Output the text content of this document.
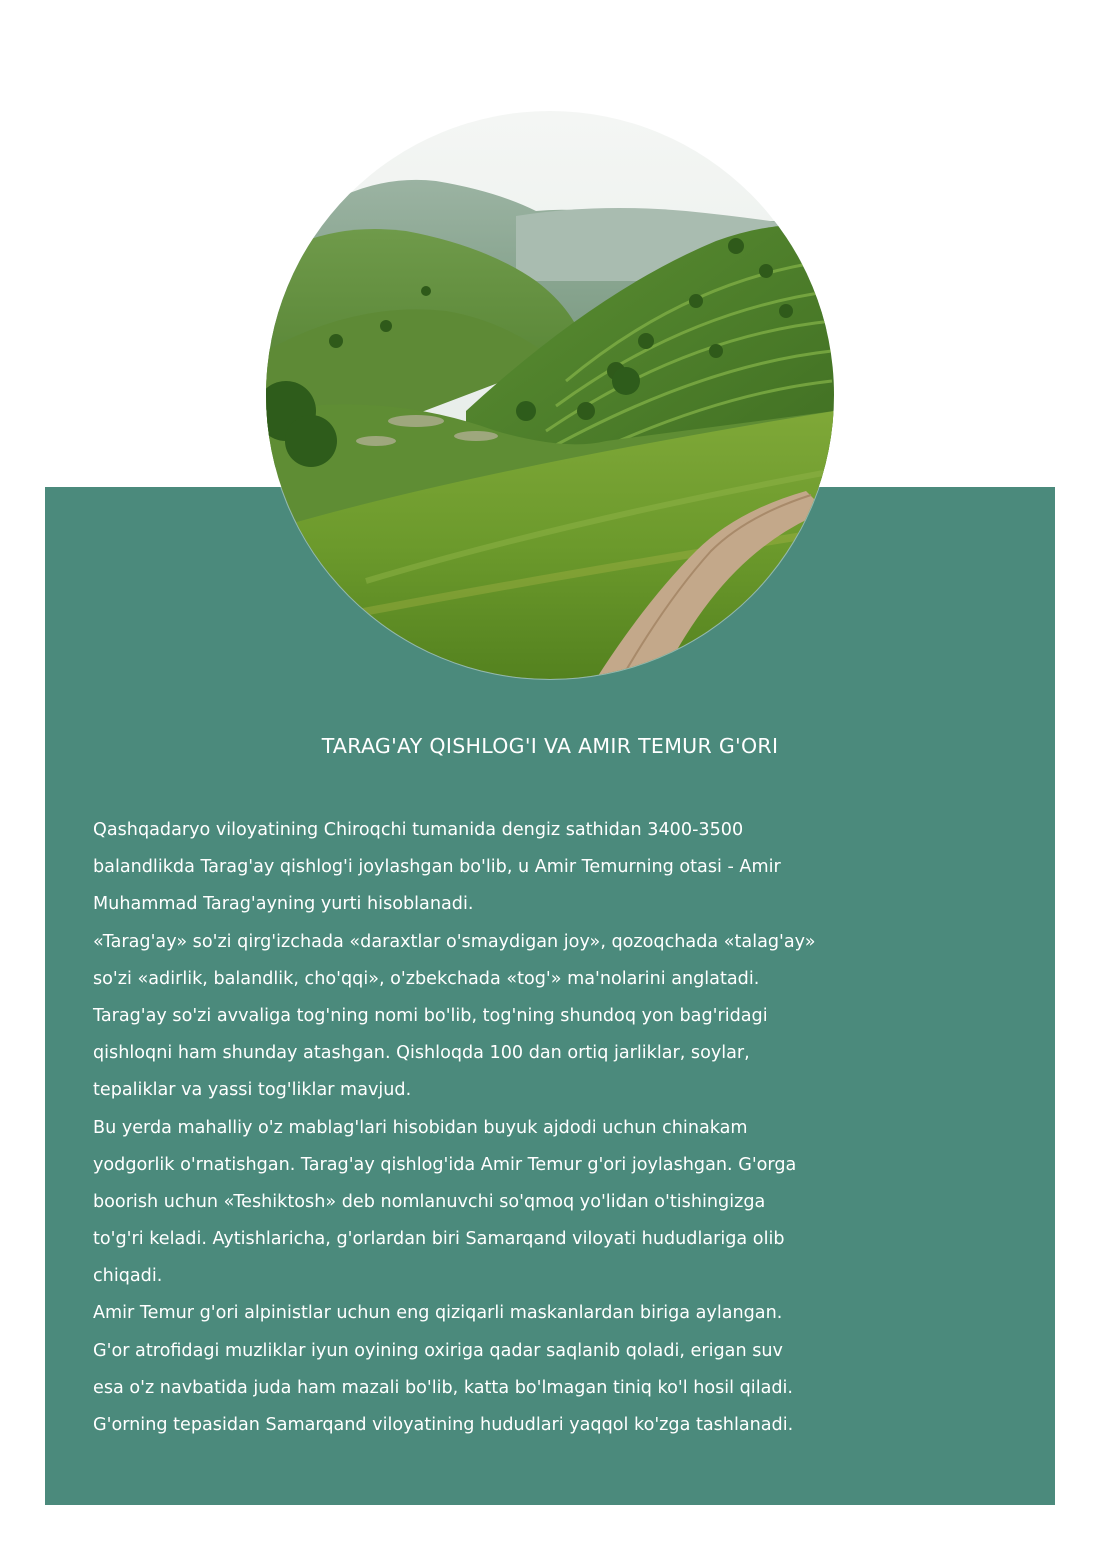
TARAG'AY QISHLOG'I VA AMIR TEMUR G'ORI
Qashqadaryo viloyatining Chiroqchi tumanida dengiz sathidan 3400-3500
balandlikda Tarag'ay qishlog'i joylashgan bo'lib, u Amir Temurning otasi - Amir
Muhammad Tarag'ayning yurti hisoblanadi.
«Tarag'ay» so'zi qirg'izchada «daraxtlar o'smaydigan joy», qozoqchada «talag'ay»
so'zi «adirlik, balandlik, cho'qqi», o'zbekchada «tog'» ma'nolarini anglatadi.
Tarag'ay so'zi avvaliga tog'ning nomi bo'lib, tog'ning shundoq yon bag'ridagi
qishloqni ham shunday atashgan. Qishloqda 100 dan ortiq jarliklar, soylar,
tepaliklar va yassi tog'liklar mavjud.
Bu yerda mahalliy o'z mablag'lari hisobidan buyuk ajdodi uchun chinakam
yodgorlik o'rnatishgan. Tarag'ay qishlog'ida Amir Temur g'ori joylashgan. G'orga
boorish uchun «Teshiktosh» deb nomlanuvchi so'qmoq yo'lidan o'tishingizga
to'g'ri keladi. Aytishlaricha, g'orlardan biri Samarqand viloyati hududlariga olib
chiqadi.
Amir Temur g'ori alpinistlar uchun eng qiziqarli maskanlardan biriga aylangan.
G'or atrofidagi muzliklar iyun oyining oxiriga qadar saqlanib qoladi, erigan suv
esa o'z navbatida juda ham mazali bo'lib, katta bo'lmagan tiniq ko'l hosil qiladi.
G'orning tepasidan Samarqand viloyatining hududlari yaqqol ko'zga tashlanadi.
